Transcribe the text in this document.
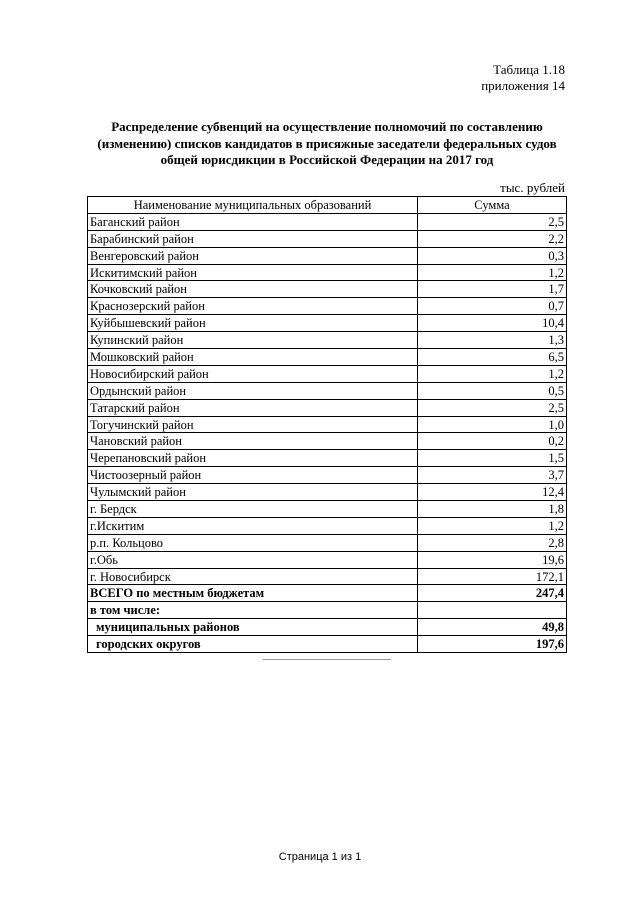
Таблица 1.18
приложения 14
Распределение субвенций на осуществление полномочий по составлению (изменению) списков кандидатов в присяжные заседатели федеральных судов общей юрисдикции в Российской Федерации на 2017 год
тыс. рублей
Наименование муниципальных образований	Сумма
Баганский район	2,5
Барабинский район	2,2
Венгеровский район	0,3
Искитимский район	1,2
Кочковский район	1,7
Краснозерский район	0,7
Куйбышевский район	10,4
Купинский район	1,3
Мошковский район	6,5
Новосибирский район	1,2
Ордынский район	0,5
Татарский район	2,5
Тогучинский район	1,0
Чановский район	0,2
Черепановский район	1,5
Чистоозерный район	3,7
Чулымский район	12,4
г. Бердск	1,8
г.Искитим	1,2
р.п. Кольцово	2,8
г.Обь	19,6
г. Новосибирск	172,1
ВСЕГО по местным бюджетам	247,4
в том числе:	
муниципальных районов	49,8
городских округов	197,6
Страница 1 из 1
